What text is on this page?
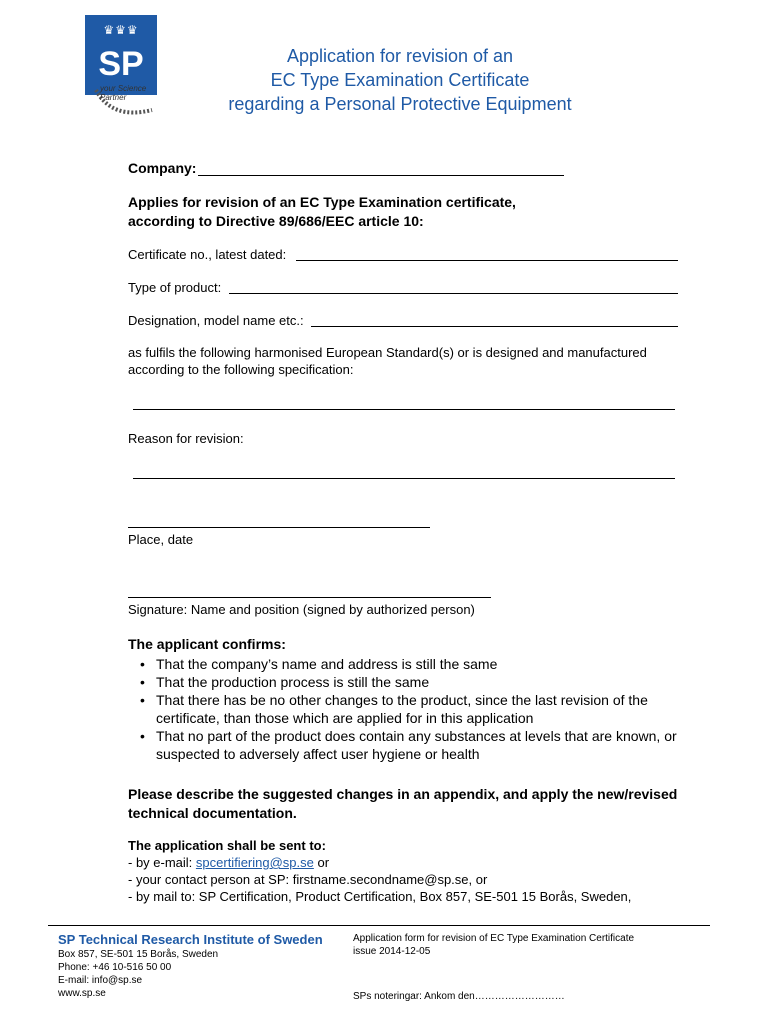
♛♛♛
SP
your Science Partner
Application for revision of an
EC Type Examination Certificate
regarding a Personal Protective Equipment
Company:
Applies for revision of an EC Type Examination certificate,
according to Directive 89/686/EEC article 10:
Certificate no., latest dated:
Type of product:
Designation, model name etc.:
as fulfils the following harmonised European Standard(s) or is designed and manufactured
according to the following specification:
Reason for revision:
Place, date
Signature: Name and position (signed by authorized person)
The applicant confirms:
• That the company’s name and address is still the same
• That the production process is still the same
• That there has be no other changes to the product, since the last revision of the
certificate, than those which are applied for in this application
• That no part of the product does contain any substances at levels that are known, or
suspected to adversely affect user hygiene or health
Please describe the suggested changes in an appendix, and apply the new/revised
technical documentation.
The application shall be sent to:
- by e-mail: spcertifiering@sp.se or
- your contact person at SP: firstname.secondname@sp.se, or
- by mail to: SP Certification, Product Certification, Box 857, SE-501 15 Borås, Sweden,
SP Technical Research Institute of Sweden
Box 857, SE-501 15 Borås, Sweden
Phone: +46 10-516 50 00
E-mail: info@sp.se
www.sp.se
Application form for revision of EC Type Examination Certificate
issue 2014-12-05
SPs noteringar: Ankom den………………………
